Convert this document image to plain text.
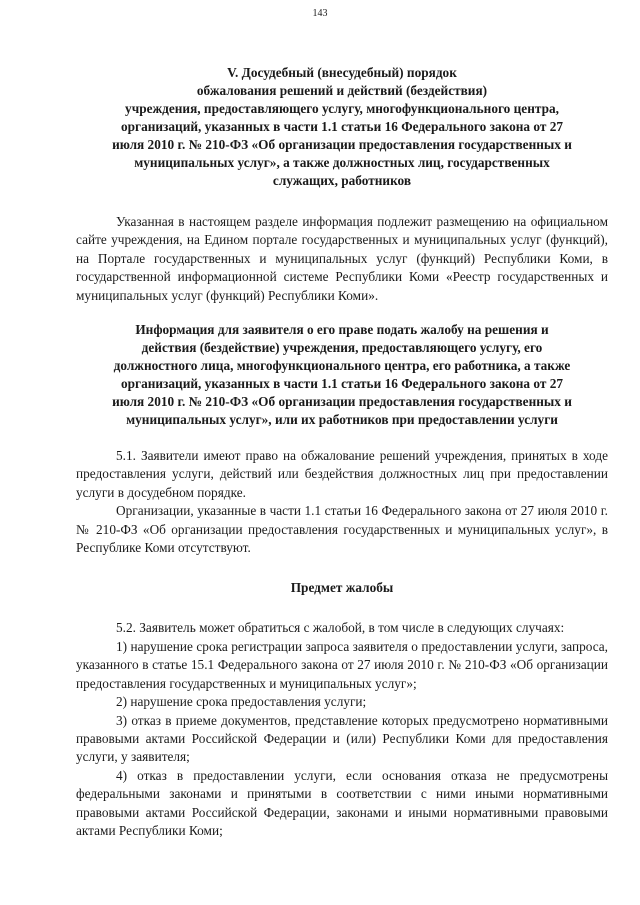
143

V. Досудебный (внесудебный) порядок
обжалования решений и действий (бездействия)
учреждения, предоставляющего услугу, многофункционального центра,
организаций, указанных в части 1.1 статьи 16 Федерального закона от 27
июля 2010 г. № 210-ФЗ «Об организации предоставления государственных и
муниципальных услуг», а также должностных лиц, государственных
служащих, работников

Указанная в настоящем разделе информация подлежит размещению на официальном сайте учреждения, на Едином портале государственных и муниципальных услуг (функций), на Портале государственных и муниципальных услуг (функций) Республики Коми, в государственной информационной системе Республики Коми «Реестр государственных и муниципальных услуг (функций) Республики Коми».

Информация для заявителя о его праве подать жалобу на решения и
действия (бездействие) учреждения, предоставляющего услугу, его
должностного лица, многофункционального центра, его работника, а также
организаций, указанных в части 1.1 статьи 16 Федерального закона от 27
июля 2010 г. № 210-ФЗ «Об организации предоставления государственных и
муниципальных услуг», или их работников при предоставлении услуги

5.1. Заявители имеют право на обжалование решений учреждения, принятых в ходе предоставления услуги, действий или бездействия должностных лиц при предоставлении услуги в досудебном порядке.

Организации, указанные в части 1.1 статьи 16 Федерального закона от 27 июля 2010 г. № 210-ФЗ «Об организации предоставления государственных и муниципальных услуг», в Республике Коми отсутствуют.

Предмет жалобы

5.2. Заявитель может обратиться с жалобой, в том числе в следующих случаях:

1) нарушение срока регистрации запроса заявителя о предоставлении услуги, запроса, указанного в статье 15.1 Федерального закона от 27 июля 2010 г. № 210-ФЗ «Об организации предоставления государственных и муниципальных услуг»;

2) нарушение срока предоставления услуги;

3) отказ в приеме документов, представление которых предусмотрено нормативными правовыми актами Российской Федерации и (или) Республики Коми для предоставления услуги, у заявителя;

4) отказ в предоставлении услуги, если основания отказа не предусмотрены федеральными законами и принятыми в соответствии с ними иными нормативными правовыми актами Российской Федерации, законами и иными нормативными правовыми актами Республики Коми;
